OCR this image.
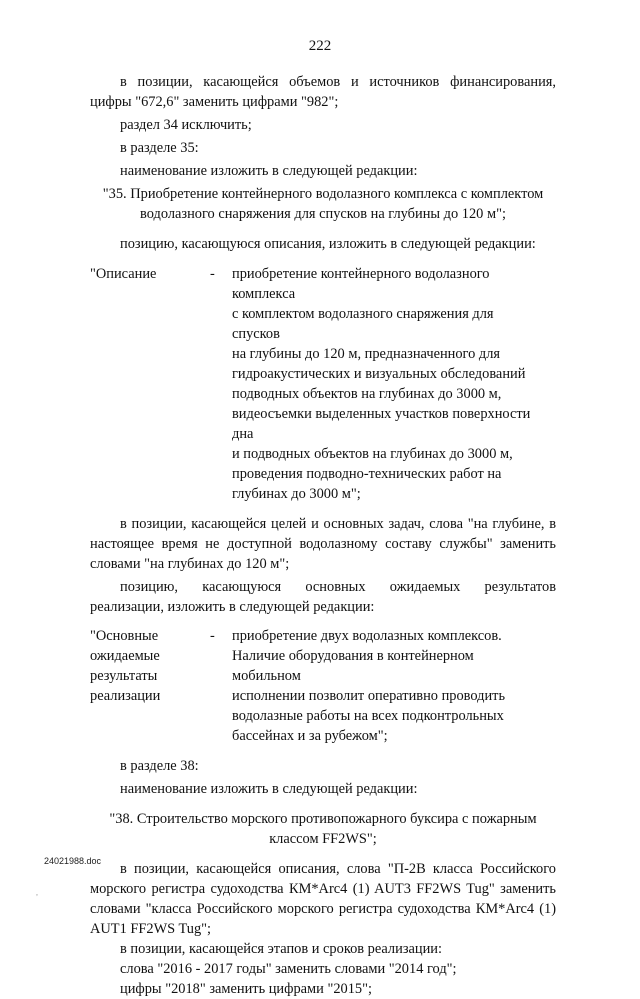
222

в позиции, касающейся объемов и источников финансирования,

цифры "672,6" заменить цифрами "982";

раздел 34 исключить;

в разделе 35:

наименование изложить в следующей редакции:

"35. Приобретение контейнерного водолазного комплекса с комплектом
водолазного снаряжения для спусков на глубины до 120 м";

позицию, касающуюся описания, изложить в следующей редакции:

"Описание	-	приобретение контейнерного водолазного комплекса
с комплектом водолазного снаряжения для спусков
на глубины до 120 м, предназначенного для
гидроакустических и визуальных обследований
подводных объектов на глубинах до 3000 м,
видеосъемки выделенных участков поверхности дна
и подводных объектов на глубинах до 3000 м,
проведения подводно-технических работ на
глубинах до 3000 м";

в позиции, касающейся целей и основных задач, слова "на глубине, в

настоящее время не доступной водолазному составу службы" заменить

словами "на глубинах до 120 м";

позицию, касающуюся основных ожидаемых результатов

реализации, изложить в следующей редакции:

"Основные
ожидаемые
результаты
реализации
-	приобретение двух водолазных комплексов.
Наличие оборудования в контейнерном мобильном
исполнении позволит оперативно проводить
водолазные работы на всех подконтрольных
бассейнах и за рубежом";

в разделе 38:

наименование изложить в следующей редакции:

"38. Строительство морского противопожарного буксира с пожарным
классом FF2WS";

в позиции, касающейся описания, слова "П-2В класса Российского

морского регистра судоходства КМ*Arc4 (1) AUT3 FF2WS Tug" заменить

словами "класса Российского морского регистра судоходства КМ*Arc4 (1)

AUT1 FF2WS Tug";

в позиции, касающейся этапов и сроков реализации:

слова "2016 - 2017 годы" заменить словами "2014 год";

цифры "2018" заменить цифрами "2015";

24021988.doc
,
